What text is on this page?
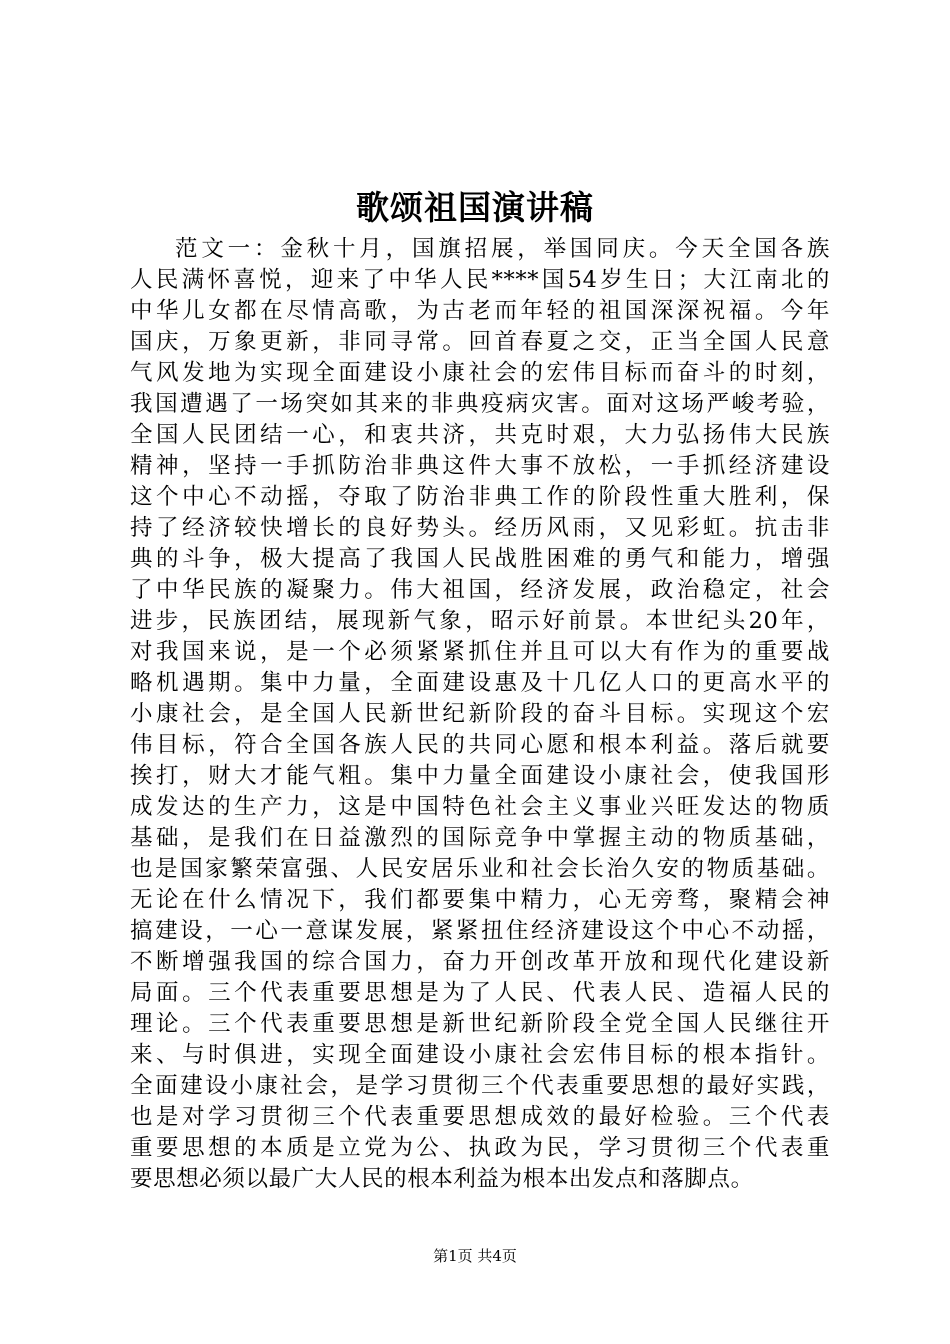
歌颂祖国演讲稿
范文一：金秋十月，国旗招展，举国同庆。今天全国各族
人民满怀喜悦，迎来了中华人民****国54岁生日；大江南北的
中华儿女都在尽情高歌，为古老而年轻的祖国深深祝福。今年
国庆，万象更新，非同寻常。回首春夏之交，正当全国人民意
气风发地为实现全面建设小康社会的宏伟目标而奋斗的时刻，
我国遭遇了一场突如其来的非典疫病灾害。面对这场严峻考验，
全国人民团结一心，和衷共济，共克时艰，大力弘扬伟大民族
精神，坚持一手抓防治非典这件大事不放松，一手抓经济建设
这个中心不动摇，夺取了防治非典工作的阶段性重大胜利，保
持了经济较快增长的良好势头。经历风雨，又见彩虹。抗击非
典的斗争，极大提高了我国人民战胜困难的勇气和能力，增强
了中华民族的凝聚力。伟大祖国，经济发展，政治稳定，社会
进步，民族团结，展现新气象，昭示好前景。本世纪头20年，
对我国来说，是一个必须紧紧抓住并且可以大有作为的重要战
略机遇期。集中力量，全面建设惠及十几亿人口的更高水平的
小康社会，是全国人民新世纪新阶段的奋斗目标。实现这个宏
伟目标，符合全国各族人民的共同心愿和根本利益。落后就要
挨打，财大才能气粗。集中力量全面建设小康社会，使我国形
成发达的生产力，这是中国特色社会主义事业兴旺发达的物质
基础，是我们在日益激烈的国际竞争中掌握主动的物质基础，
也是国家繁荣富强、人民安居乐业和社会长治久安的物质基础。
无论在什么情况下，我们都要集中精力，心无旁骛，聚精会神
搞建设，一心一意谋发展，紧紧扭住经济建设这个中心不动摇，
不断增强我国的综合国力，奋力开创改革开放和现代化建设新
局面。三个代表重要思想是为了人民、代表人民、造福人民的
理论。三个代表重要思想是新世纪新阶段全党全国人民继往开
来、与时俱进，实现全面建设小康社会宏伟目标的根本指针。
全面建设小康社会，是学习贯彻三个代表重要思想的最好实践，
也是对学习贯彻三个代表重要思想成效的最好检验。三个代表
重要思想的本质是立党为公、执政为民，学习贯彻三个代表重
要思想必须以最广大人民的根本利益为根本出发点和落脚点。
第1页 共4页
